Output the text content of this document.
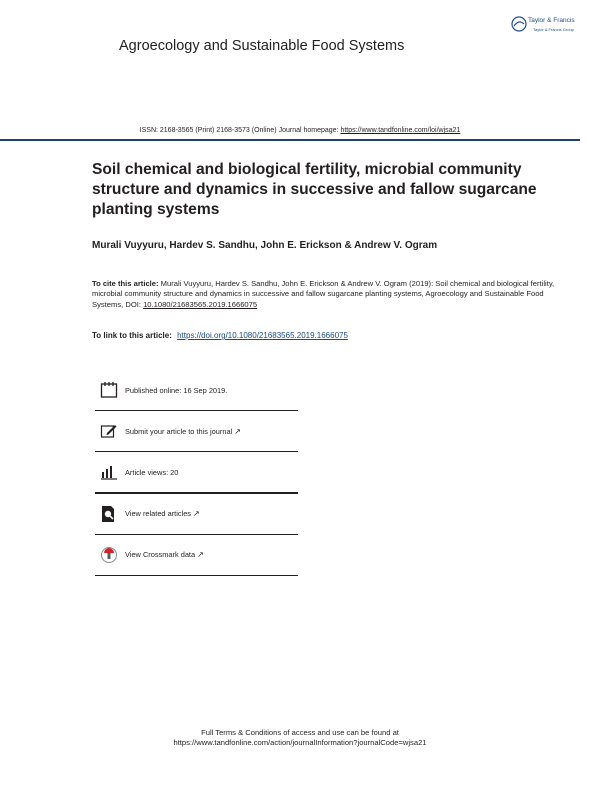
Agroecology and Sustainable Food Systems
Taylor & Francis
Taylor & Francis Group
ISSN: 2168-3565 (Print) 2168-3573 (Online) Journal homepage: https://www.tandfonline.com/loi/wjsa21
Soil chemical and biological fertility, microbial community structure and dynamics in successive and fallow sugarcane planting systems
Murali Vuyyuru, Hardev S. Sandhu, John E. Erickson & Andrew V. Ogram
To cite this article: Murali Vuyyuru, Hardev S. Sandhu, John E. Erickson & Andrew V. Ogram (2019): Soil chemical and biological fertility, microbial community structure and dynamics in successive and fallow sugarcane planting systems, Agroecology and Sustainable Food Systems, DOI: 10.1080/21683565.2019.1666075
To link to this article: https://doi.org/10.1080/21683565.2019.1666075
Published online: 16 Sep 2019.
Submit your article to this journal ↗
Article views: 20
View related articles ↗
View Crossmark data ↗
Full Terms & Conditions of access and use can be found at
https://www.tandfonline.com/action/journalInformation?journalCode=wjsa21
